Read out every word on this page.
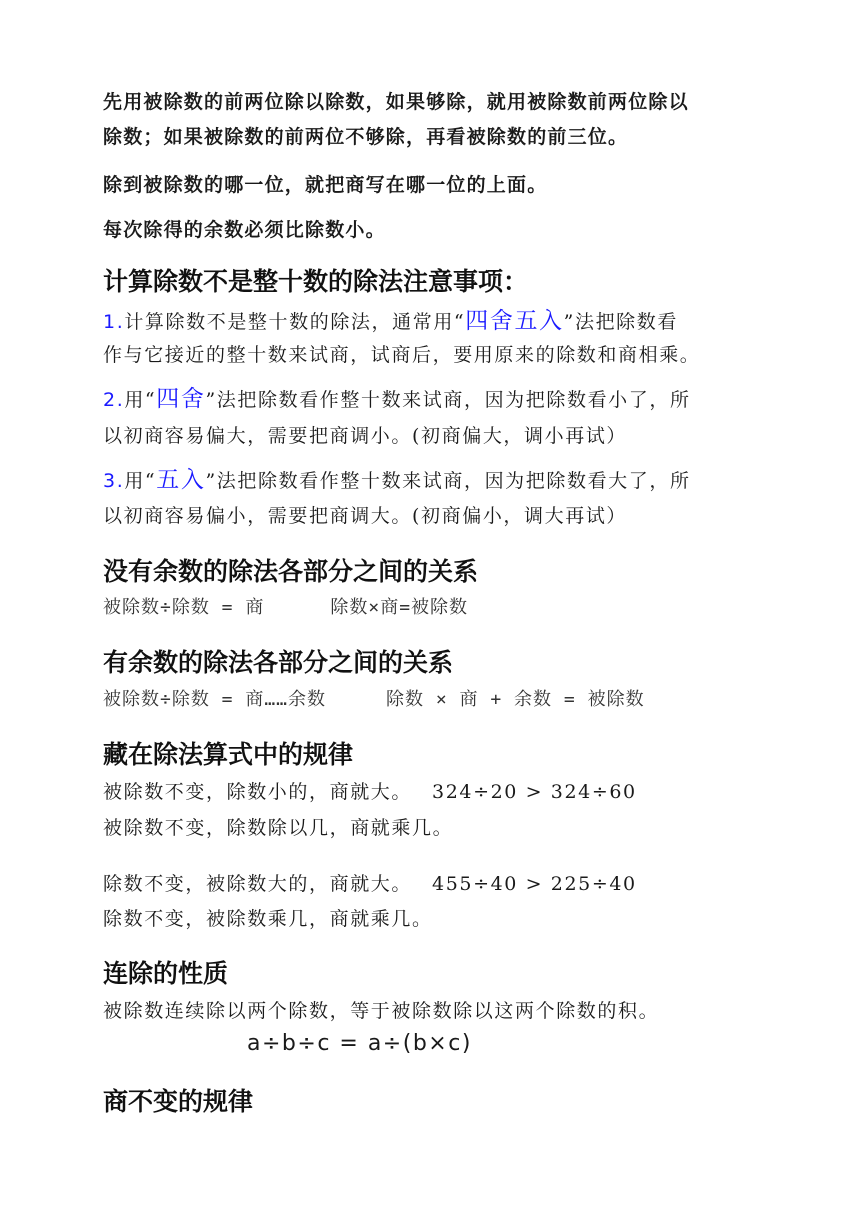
先用被除数的前两位除以除数，如果够除，就用被除数前两位除以
除数；如果被除数的前两位不够除，再看被除数的前三位。
除到被除数的哪一位，就把商写在哪一位的上面。
每次除得的余数必须比除数小。
计算除数不是整十数的除法注意事项：
1.计算除数不是整十数的除法，通常用“四舍五入”法把除数看
作与它接近的整十数来试商，试商后，要用原来的除数和商相乘。
2.用“四舍”法把除数看作整十数来试商，因为把除数看小了，所
以初商容易偏大，需要把商调小。(初商偏大，调小再试）
3.用“五入”法把除数看作整十数来试商，因为把除数看大了，所
以初商容易偏小，需要把商调大。(初商偏小，调大再试）
没有余数的除法各部分之间的关系
被除数÷除数 = 商	除数×商=被除数
有余数的除法各部分之间的关系
被除数÷除数 = 商……余数	除数 × 商 + 余数 = 被除数
藏在除法算式中的规律
被除数不变，除数小的，商就大。 324÷20 > 324÷60
被除数不变，除数除以几，商就乘几。
除数不变，被除数大的，商就大。 455÷40 > 225÷40
除数不变，被除数乘几，商就乘几。
连除的性质
被除数连续除以两个除数，等于被除数除以这两个除数的积。
a÷b÷c = a÷(b×c)
商不变的规律
